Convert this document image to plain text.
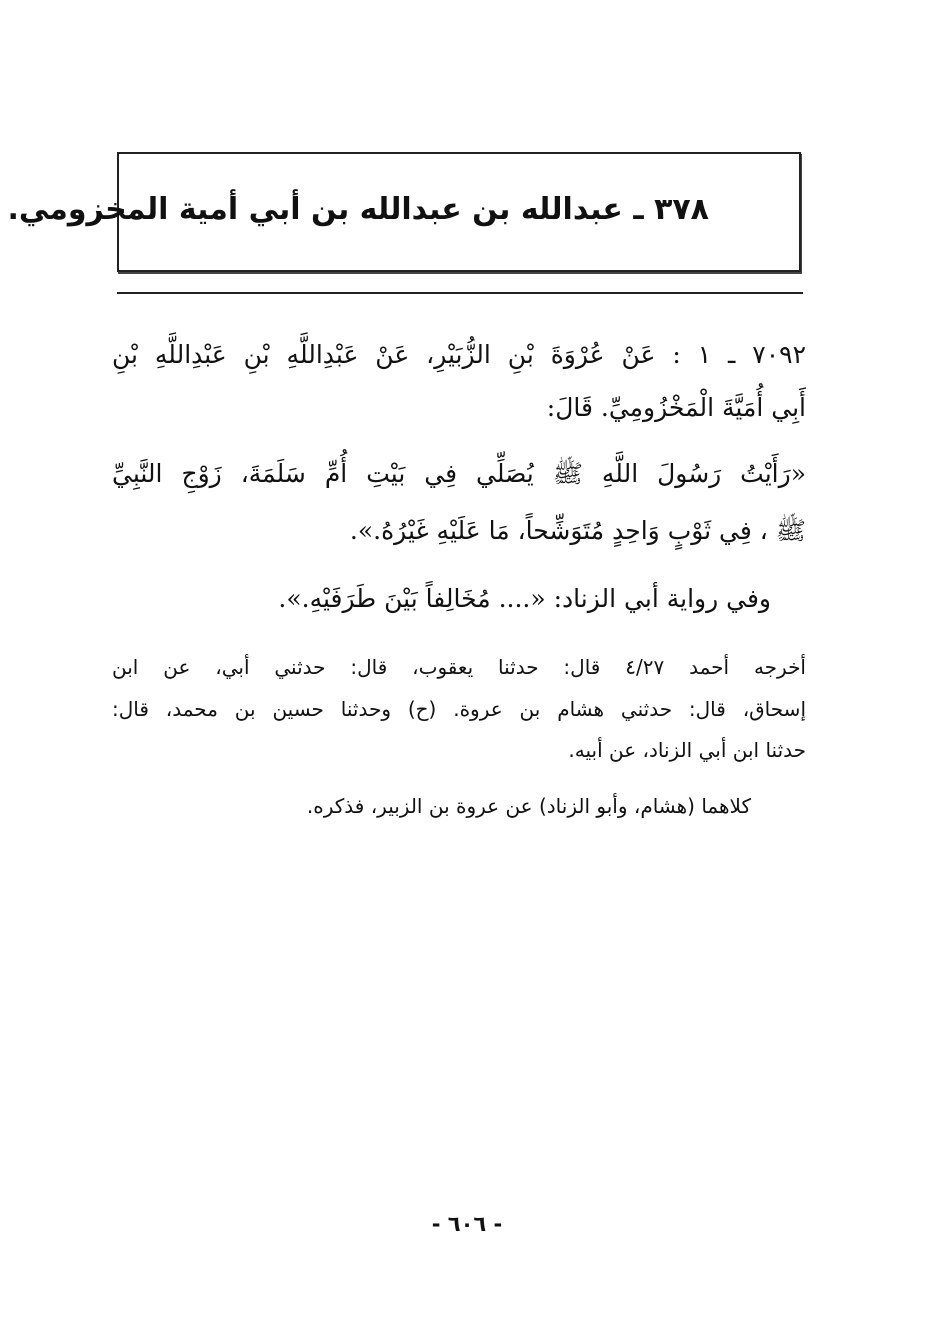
٣٧٨ ـ عبدالله بن عبدالله بن أبي أمية المخزومي.
٧٠٩٢ ـ ١ : عَنْ عُرْوَةَ بْنِ الزُّبَيْرِ، عَنْ عَبْدِاللَّهِ بْنِ عَبْدِاللَّهِ بْنِ
أَبِي أُمَيَّةَ الْمَخْزُومِيِّ. قَالَ:
«رَأَيْتُ رَسُولَ اللَّهِ ﷺ يُصَلِّي فِي بَيْتِ أُمِّ سَلَمَةَ، زَوْجِ النَّبِيِّ
ﷺ ، فِي ثَوْبٍ وَاحِدٍ مُتَوَشِّحاً، مَا عَلَيْهِ غَيْرُهُ.».
وفي رواية أبي الزناد: «.... مُخَالِفاً بَيْنَ طَرَفَيْهِ.».
أخرجه أحمد ٤/٢٧ قال: حدثنا يعقوب، قال: حدثني أبي، عن ابن
إسحاق، قال: حدثني هشام بن عروة. (ح) وحدثنا حسين بن محمد، قال:
حدثنا ابن أبي الزناد، عن أبيه.
كلاهما (هشام، وأبو الزناد) عن عروة بن الزبير، فذكره.
- ٦٠٦ -
